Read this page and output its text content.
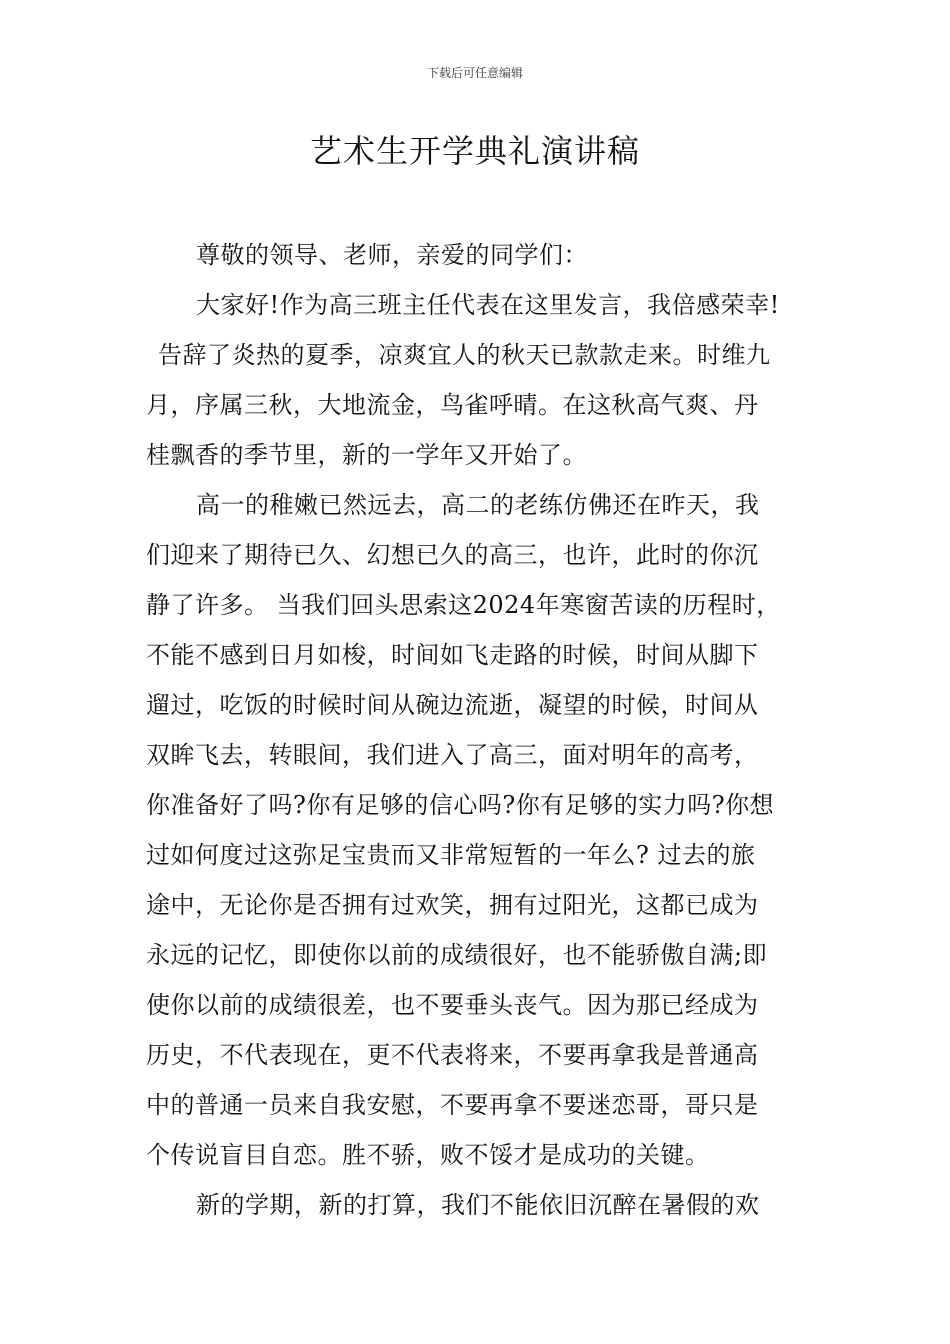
下载后可任意编辑
艺术生开学典礼演讲稿
尊敬的领导、老师，亲爱的同学们：
大家好!作为高三班主任代表在这里发言，我倍感荣幸!
告辞了炎热的夏季，凉爽宜人的秋天已款款走来。时维九
月，序属三秋，大地流金，鸟雀呼晴。在这秋高气爽、丹
桂飘香的季节里，新的一学年又开始了。
高一的稚嫩已然远去，高二的老练仿佛还在昨天，我
们迎来了期待已久、幻想已久的高三，也许，此时的你沉
静了许多。 当我们回头思索这2024年寒窗苦读的历程时，
不能不感到日月如梭，时间如飞走路的时候，时间从脚下
遛过，吃饭的时候时间从碗边流逝，凝望的时候，时间从
双眸飞去，转眼间，我们进入了高三，面对明年的高考，
你准备好了吗?你有足够的信心吗?你有足够的实力吗?你想
过如何度过这弥足宝贵而又非常短暂的一年么? 过去的旅
途中，无论你是否拥有过欢笑，拥有过阳光，这都已成为
永远的记忆，即使你以前的成绩很好，也不能骄傲自满;即
使你以前的成绩很差，也不要垂头丧气。因为那已经成为
历史，不代表现在，更不代表将来，不要再拿我是普通高
中的普通一员来自我安慰，不要再拿不要迷恋哥，哥只是
个传说盲目自恋。胜不骄，败不馁才是成功的关键。
新的学期，新的打算，我们不能依旧沉醉在暑假的欢
